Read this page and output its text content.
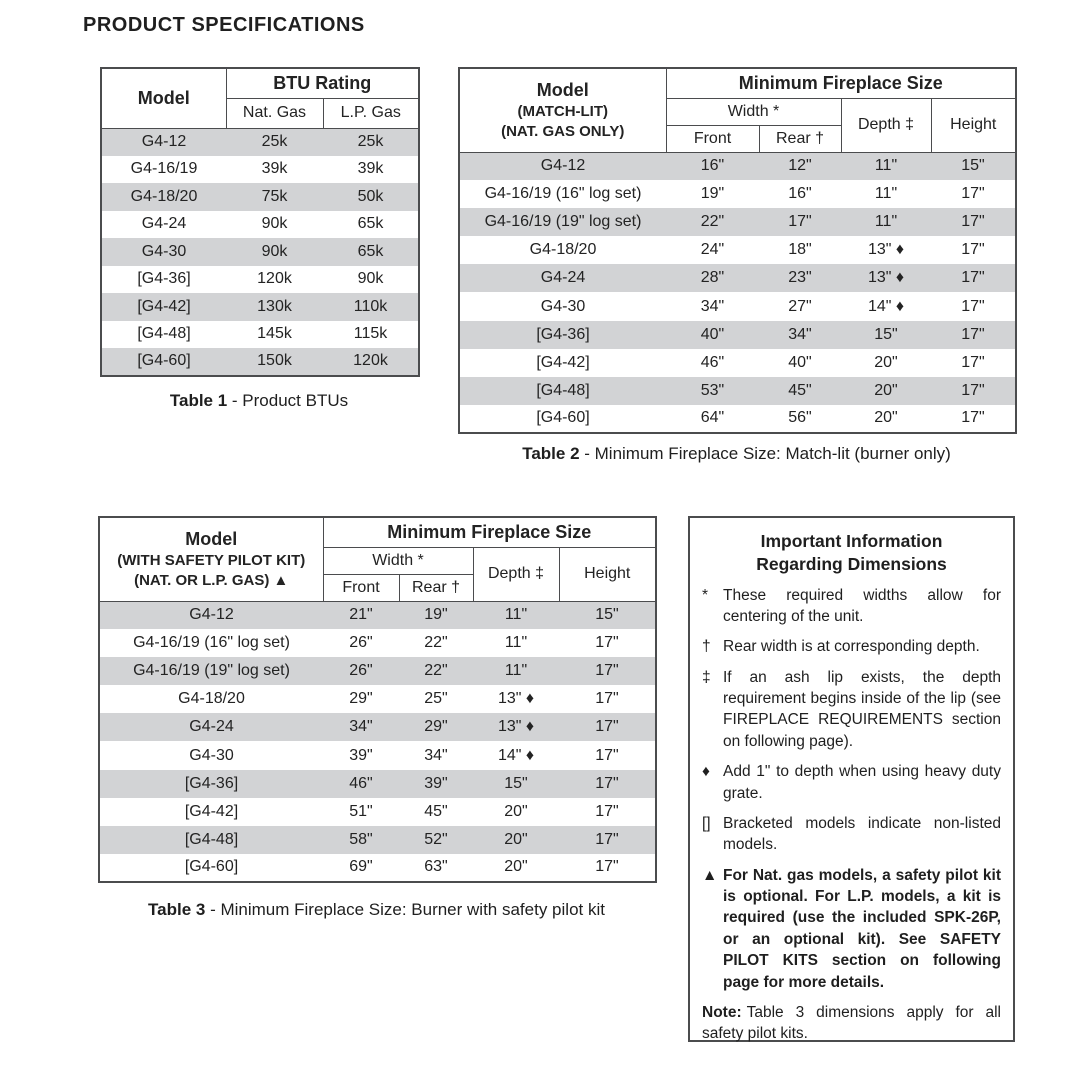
PRODUCT SPECIFICATIONS
Model	BTU Rating	
	Nat. Gas	L.P. Gas
G4-12	25k	25k
G4-16/19	39k	39k
G4-18/20	75k	50k
G4-24	90k	65k
G4-30	90k	65k
[G4-36]	120k	90k
[G4-42]	130k	110k
[G4-48]	145k	115k
[G4-60]	150k	120k
Table 1 - Product BTUs
Model
(MATCH-LIT)
(NAT. GAS ONLY)	Minimum Fireplace Size			
	Width *		Depth ‡	Height
	Front	Rear †		
G4-12	16"	12"	11"	15"
G4-16/19 (16" log set)	19"	16"	11"	17"
G4-16/19 (19" log set)	22"	17"	11"	17"
G4-18/20	24"	18"	13" ♦	17"
G4-24	28"	23"	13" ♦	17"
G4-30	34"	27"	14" ♦	17"
[G4-36]	40"	34"	15"	17"
[G4-42]	46"	40"	20"	17"
[G4-48]	53"	45"	20"	17"
[G4-60]	64"	56"	20"	17"
Table 2 - Minimum Fireplace Size: Match-lit (burner only)
Model
(WITH SAFETY PILOT KIT)
(NAT. OR L.P. GAS) ▲	Minimum Fireplace Size			
	Width *		Depth ‡	Height
	Front	Rear †		
G4-12	21"	19"	11"	15"
G4-16/19 (16" log set)	26"	22"	11"	17"
G4-16/19 (19" log set)	26"	22"	11"	17"
G4-18/20	29"	25"	13" ♦	17"
G4-24	34"	29"	13" ♦	17"
G4-30	39"	34"	14" ♦	17"
[G4-36]	46"	39"	15"	17"
[G4-42]	51"	45"	20"	17"
[G4-48]	58"	52"	20"	17"
[G4-60]	69"	63"	20"	17"
Table 3 - Minimum Fireplace Size: Burner with safety pilot kit
Important Information
Regarding Dimensions
* These required widths allow for centering of the unit.
† Rear width is at corresponding depth.
‡ If an ash lip exists, the depth requirement begins inside of the lip (see FIREPLACE REQUIREMENTS section on following page).
♦ Add 1" to depth when using heavy duty grate.
[] Bracketed models indicate non-listed models.
▲ For Nat. gas models, a safety pilot kit is optional. For L.P. models, a kit is required (use the included SPK-26P, or an optional kit). See SAFETY PILOT KITS section on following page for more details.
Note: Table 3 dimensions apply for all safety pilot kits.
